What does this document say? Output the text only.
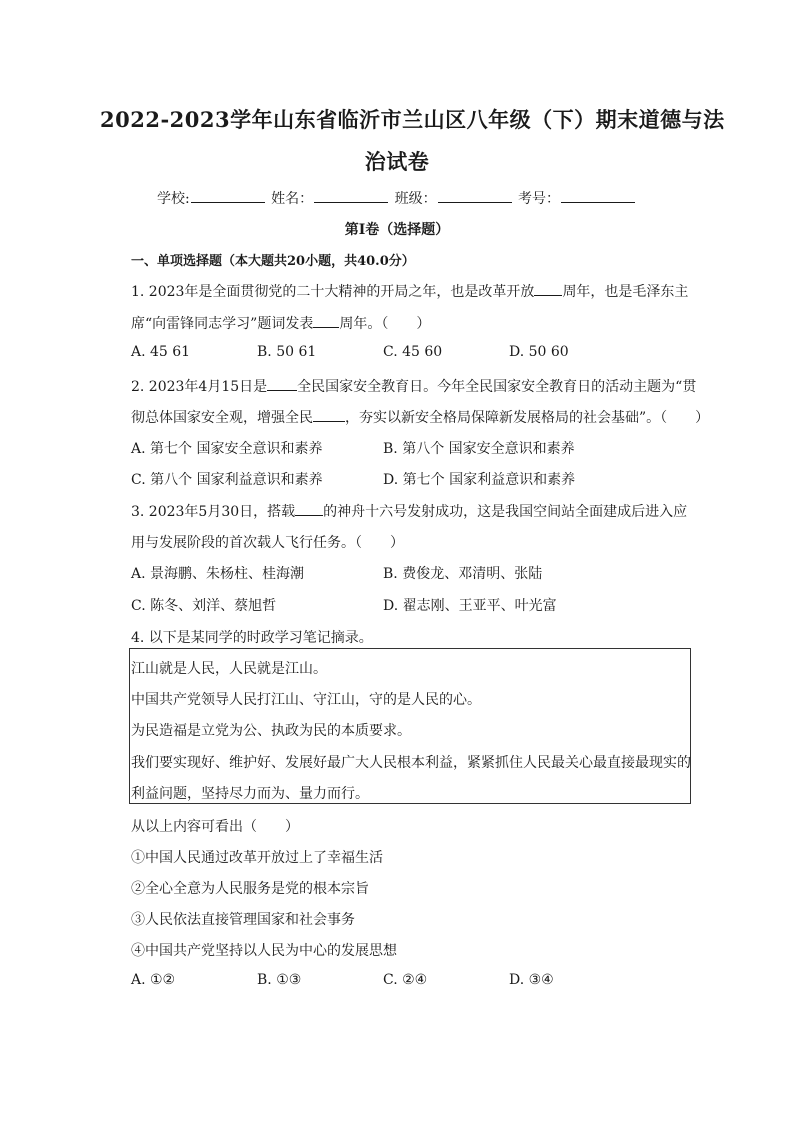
2022-2023学年山东省临沂市兰山区八年级（下）期末道德与法
治试卷
学校:	姓名：	班级：	考号：
第I卷（选择题）
一、单项选择题（本大题共20小题，共40.0分）
1. 2023年是全面贯彻党的二十大精神的开局之年，也是改革开放 周年，也是毛泽东主
席“向雷锋同志学习”题词发表 周年。（　　）
A. 45 61	B. 50 61	C. 45 60	D. 50 60
2. 2023年4月15日是 全民国家安全教育日。今年全民国家安全教育日的活动主题为“贯
彻总体国家安全观，增强全民 ，夯实以新安全格局保障新发展格局的社会基础”。（　　）
A. 第七个 国家安全意识和素养	B. 第八个 国家安全意识和素养
C. 第八个 国家利益意识和素养	D. 第七个 国家利益意识和素养
3. 2023年5月30日，搭载 的神舟十六号发射成功，这是我国空间站全面建成后进入应
用与发展阶段的首次载人飞行任务。（　　）
A. 景海鹏、朱杨柱、桂海潮	B. 费俊龙、邓清明、张陆
C. 陈冬、刘洋、蔡旭哲	D. 翟志刚、王亚平、叶光富
4. 以下是某同学的时政学习笔记摘录。
江山就是人民，人民就是江山。
中国共产党领导人民打江山、守江山，守的是人民的心。
为民造福是立党为公、执政为民的本质要求。
我们要实现好、维护好、发展好最广大人民根本利益，紧紧抓住人民最关心最直接最现实的
利益问题，坚持尽力而为、量力而行。
从以上内容可看出（　　）
①中国人民通过改革开放过上了幸福生活
②全心全意为人民服务是党的根本宗旨
③人民依法直接管理国家和社会事务
④中国共产党坚持以人民为中心的发展思想
A. ①②	B. ①③	C. ②④	D. ③④
